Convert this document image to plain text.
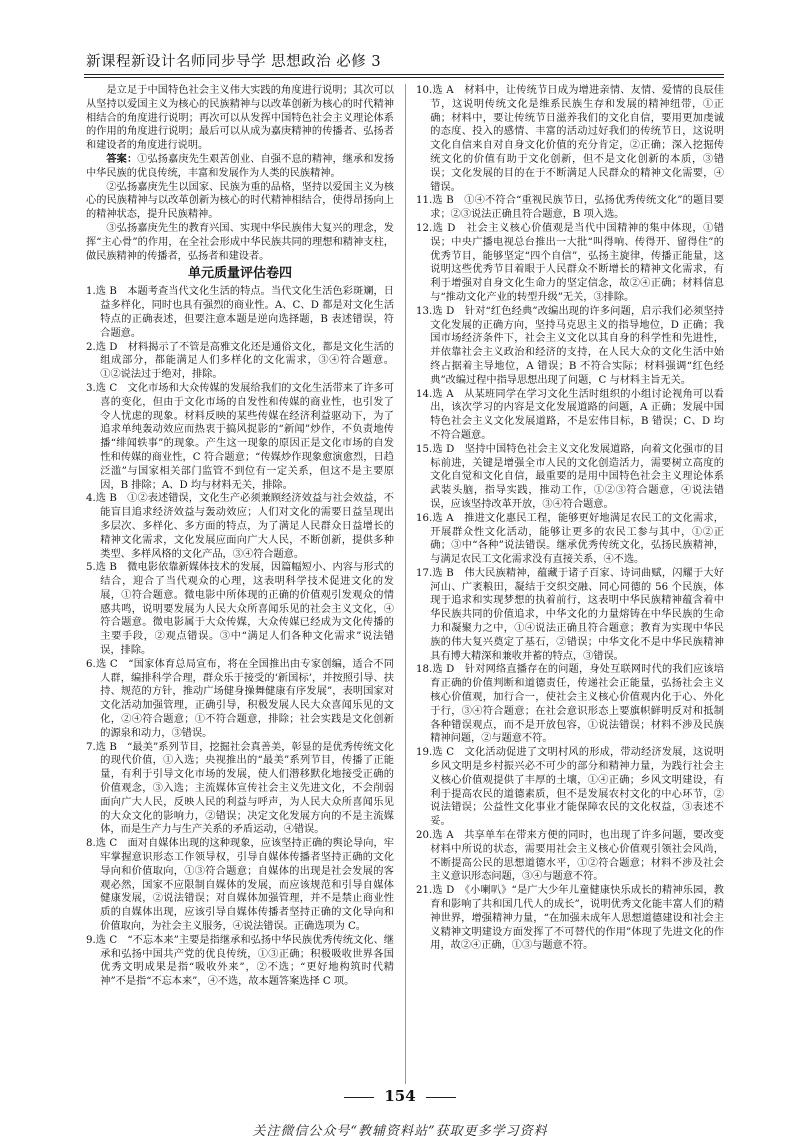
新课程新设计名师同步导学 思想政治 必修 3

是立足于中国特色社会主义伟大实践的角度进行说明；其次可以从坚持以爱国主义为核心的民族精神与以改革创新为核心的时代精神相结合的角度进行说明；再次可以从发挥中国特色社会主义理论体系的作用的角度进行说明；最后可以从成为嘉庚精神的传播者、弘扬者和建设者的角度进行说明。

答案：①弘扬嘉庚先生艰苦创业、自强不息的精神，继承和发扬中华民族的优良传统，丰富和发展作为人类的民族精神。

②弘扬嘉庚先生以国家、民族为重的品格，坚持以爱国主义为核心的民族精神与以改革创新为核心的时代精神相结合，使得昂扬向上的精神状态，提升民族精神。

③弘扬嘉庚先生的教育兴国、实现中华民族伟大复兴的理念，发挥“主心骨”的作用，在全社会形成中华民族共同的理想和精神支柱，做民族精神的传播者，弘扬者和建设者。

单元质量评估卷四

1.选 B　本题考查当代文化生活的特点。当代文化生活色彩斑斓，日益多样化，同时也具有强烈的商业性。A、C、D 都是对文化生活特点的正确表述，但要注意本题是逆向选择题，B 表述错误，符合题意。

2.选 D　材料揭示了不管是高雅文化还是通俗文化，都是文化生活的组成部分，都能满足人们多样化的文化需求，③④符合题意。①②说法过于绝对，排除。

3.选 C　文化市场和大众传媒的发展给我们的文化生活带来了许多可喜的变化，但由于文化市场的自发性和传媒的商业性，也引发了令人忧虑的现象。材料反映的某些传媒在经济利益驱动下，为了追求单纯轰动效应而热衷于搞风捉影的“新闻”炒作，不负责地传播“绯闻轶事”的现象。产生这一现象的原因正是文化市场的自发性和传媒的商业性，C 符合题意；“传媒炒作现象愈演愈烈，日趋泛滥”与国家相关部门监管不到位有一定关系，但这不是主要原因，B 排除；A、D 均与材料无关，排除。

4.选 B　①②表述错误，文化生产必须兼顾经济效益与社会效益，不能盲目追求经济效益与轰动效应；人们对文化的需要日益呈现出多层次、多样化、多方面的特点，为了满足人民群众日益增长的精神文化需求，文化发展应面向广大人民，不断创新，提供多种类型、多样风格的文化产品，③④符合题意。

5.选 B　微电影依靠新媒体技术的发展，因篇幅短小、内容与形式的结合，迎合了当代观众的心理，这表明科学技术促进文化的发展，①符合题意。微电影中所体现的正确的价值观引发观众的情感共鸣，说明要发展为人民大众所喜闻乐见的社会主义文化，④符合题意。微电影属于大众传媒，大众传媒已经成为文化传播的主要手段，②观点错误。③中“满足人们各种文化需求”说法错误，排除。

6.选 C　“国家体育总局宣布，将在全国推出由专家创编，适合不同人群，编排科学合理，群众乐于接受的‘新国标’，并按照引导、扶持、规范的方针，推动广场健身操舞健康有序发展”，表明国家对文化活动加强管理，正确引导，积极发展人民大众喜闻乐见的文化，②④符合题意；①不符合题意，排除；社会实践是文化创新的源泉和动力，③错误。

7.选 B　“最美”系列节目，挖掘社会真善美，彰显的是优秀传统文化的现代价值，①入选；央视推出的“最美”系列节目，传播了正能量，有利于引导文化市场的发展，使人们潜移默化地接受正确的价值观念，③入选；主流媒体宣传社会主义先进文化，不会削弱面向广大人民，反映人民的利益与呼声，为人民大众所喜闻乐见的大众文化的影响力，②错误；决定文化发展方向的不是主流媒体，而是生产力与生产关系的矛盾运动，④错误。

8.选 C　面对自媒体出现的这种现象，应该坚持正确的舆论导向，牢牢掌握意识形态工作领导权，引导自媒体传播者坚持正确的文化导向和价值取向，①③符合题意；自媒体的出现是社会发展的客观必然，国家不应限制自媒体的发展，而应该规范和引导自媒体健康发展，②说法错误；对自媒体加强管理，并不是禁止商业性质的自媒体出现，应该引导自媒体传播者坚持正确的文化导向和价值取向，为社会主义服务，④说法错误。正确选项为 C。

9.选 C　“不忘本来”主要是指继承和弘扬中华民族优秀传统文化、继承和弘扬中国共产党的优良传统，①③正确；积极吸收世界各国优秀文明成果是指“吸收外来”，②不选；“更好地构筑时代精神”不是指“不忘本来”，④不选，故本题答案选择 C 项。

10.选 A　材料中，让传统节日成为增进亲情、友情、爱情的良辰佳节，这说明传统文化是维系民族生存和发展的精神纽带，①正确；材料中，要让传统节日滋养我们的文化自信，要用更加虔诚的态度、投入的感情、丰富的活动过好我们的传统节日，这说明文化自信来自对自身文化价值的充分肯定，②正确；深入挖掘传统文化的价值有助于文化创新，但不是文化创新的本质，③错误；文化发展的目的在于不断满足人民群众的精神文化需要，④错误。

11.选 B　①④不符合“重视民族节日，弘扬优秀传统文化”的题目要求；②③说法正确且符合题意，B 项入选。

12.选 D　社会主义核心价值观是当代中国精神的集中体现，①错误；中央广播电视总台推出一大批“叫得响、传得开、留得住”的优秀节目，能够坚定“四个自信”，弘扬主旋律，传播正能量，这说明这些优秀节目着眼于人民群众不断增长的精神文化需求，有利于增强对自身文化生命力的坚定信念，故②④正确；材料信息与“推动文化产业的转型升级”无关，③排除。

13.选 D　针对“红色经典”改编出现的许多问题，启示我们必须坚持文化发展的正确方向，坚持马克思主义的指导地位，D 正确；我国市场经济条件下，社会主义文化以其自身的科学性和先进性，并依靠社会主义政治和经济的支持，在人民大众的文化生活中始终占据着主导地位，A 错误；B 不符合实际；材料强调“红色经典”改编过程中指导思想出现了问题，C 与材料主旨无关。

14.选 A　从某班同学在学习文化生活时组织的小组讨论视角可以看出，该次学习的内容是文化发展道路的问题，A 正确；发展中国特色社会主义文化发展道路，不是宏伟目标，B 错误；C、D 均不符合题意。

15.选 D　坚持中国特色社会主义文化发展道路，向着文化强市的目标前进，关键是增强全市人民的文化创造活力，需要树立高度的文化自觉和文化自信，最重要的是用中国特色社会主义理论体系武装头脑，指导实践，推动工作，①②③符合题意，④说法错误，应该坚持改革开放，③④符合题意。

16.选 A　推进文化惠民工程，能够更好地满足农民工的文化需求，开展群众性文化活动，能够让更多的农民工参与其中，①②正确；③中“各种”说法错误。继承优秀传统文化，弘扬民族精神，与满足农民工文化需求没有直接关系，④不选。

17.选 B　伟大民族精神，蕴藏于诸子百家、诗词曲赋，闪耀于大好河山、广袤粮田，凝结于交织交融、同心同德的 56 个民族，体现于追求和实现梦想的执着前行，这表明中华民族精神蕴含着中华民族共同的价值追求，中华文化的力量熔铸在中华民族的生命力和凝聚力之中，①④说法正确且符合题意；教育为实现中华民族的伟大复兴奠定了基石，②错误；中华文化不是中华民族精神具有博大精深和兼收并蓄的特点，③错误。

18.选 D　针对网络直播存在的问题，身处互联网时代的我们应该培育正确的价值判断和道德责任，传递社会正能量，弘扬社会主义核心价值观，加行合一，使社会主义核心价值观内化于心、外化于行，③④符合题意；在社会意识形态上要旗帜鲜明反对和抵制各种错误观点，而不是开放包容，①说法错误；材料不涉及民族精神问题，②与题意不符。

19.选 C　文化活动促进了文明村风的形成，带动经济发展，这说明乡风文明是乡村振兴必不可少的部分和精神力量，为践行社会主义核心价值观提供了丰厚的土壤，①④正确；乡风文明建设，有利于提高农民的道德素质，但不是发展农村文化的中心环节，②说法错误；公益性文化事业才能保障农民的文化权益，③表述不妥。

20.选 A　共享单车在带来方便的同时，也出现了许多问题，要改变材料中所说的状态，需要用社会主义核心价值观引领社会风尚，不断提高公民的思想道德水平，①②符合题意；材料不涉及社会主义意识形态问题，③④与题意不符。

21.选 D　《小喇叭》“是广大少年儿童健康快乐成长的精神乐园，教育和影响了共和国几代人的成长”，说明优秀文化能丰富人们的精神世界，增强精神力量，“在加强未成年人思想道德建设和社会主义精神文明建设方面发挥了不可替代的作用”体现了先进文化的作用，故②④正确，①③与题意不符。

154
关注微信公众号“教辅资料站”获取更多学习资料
